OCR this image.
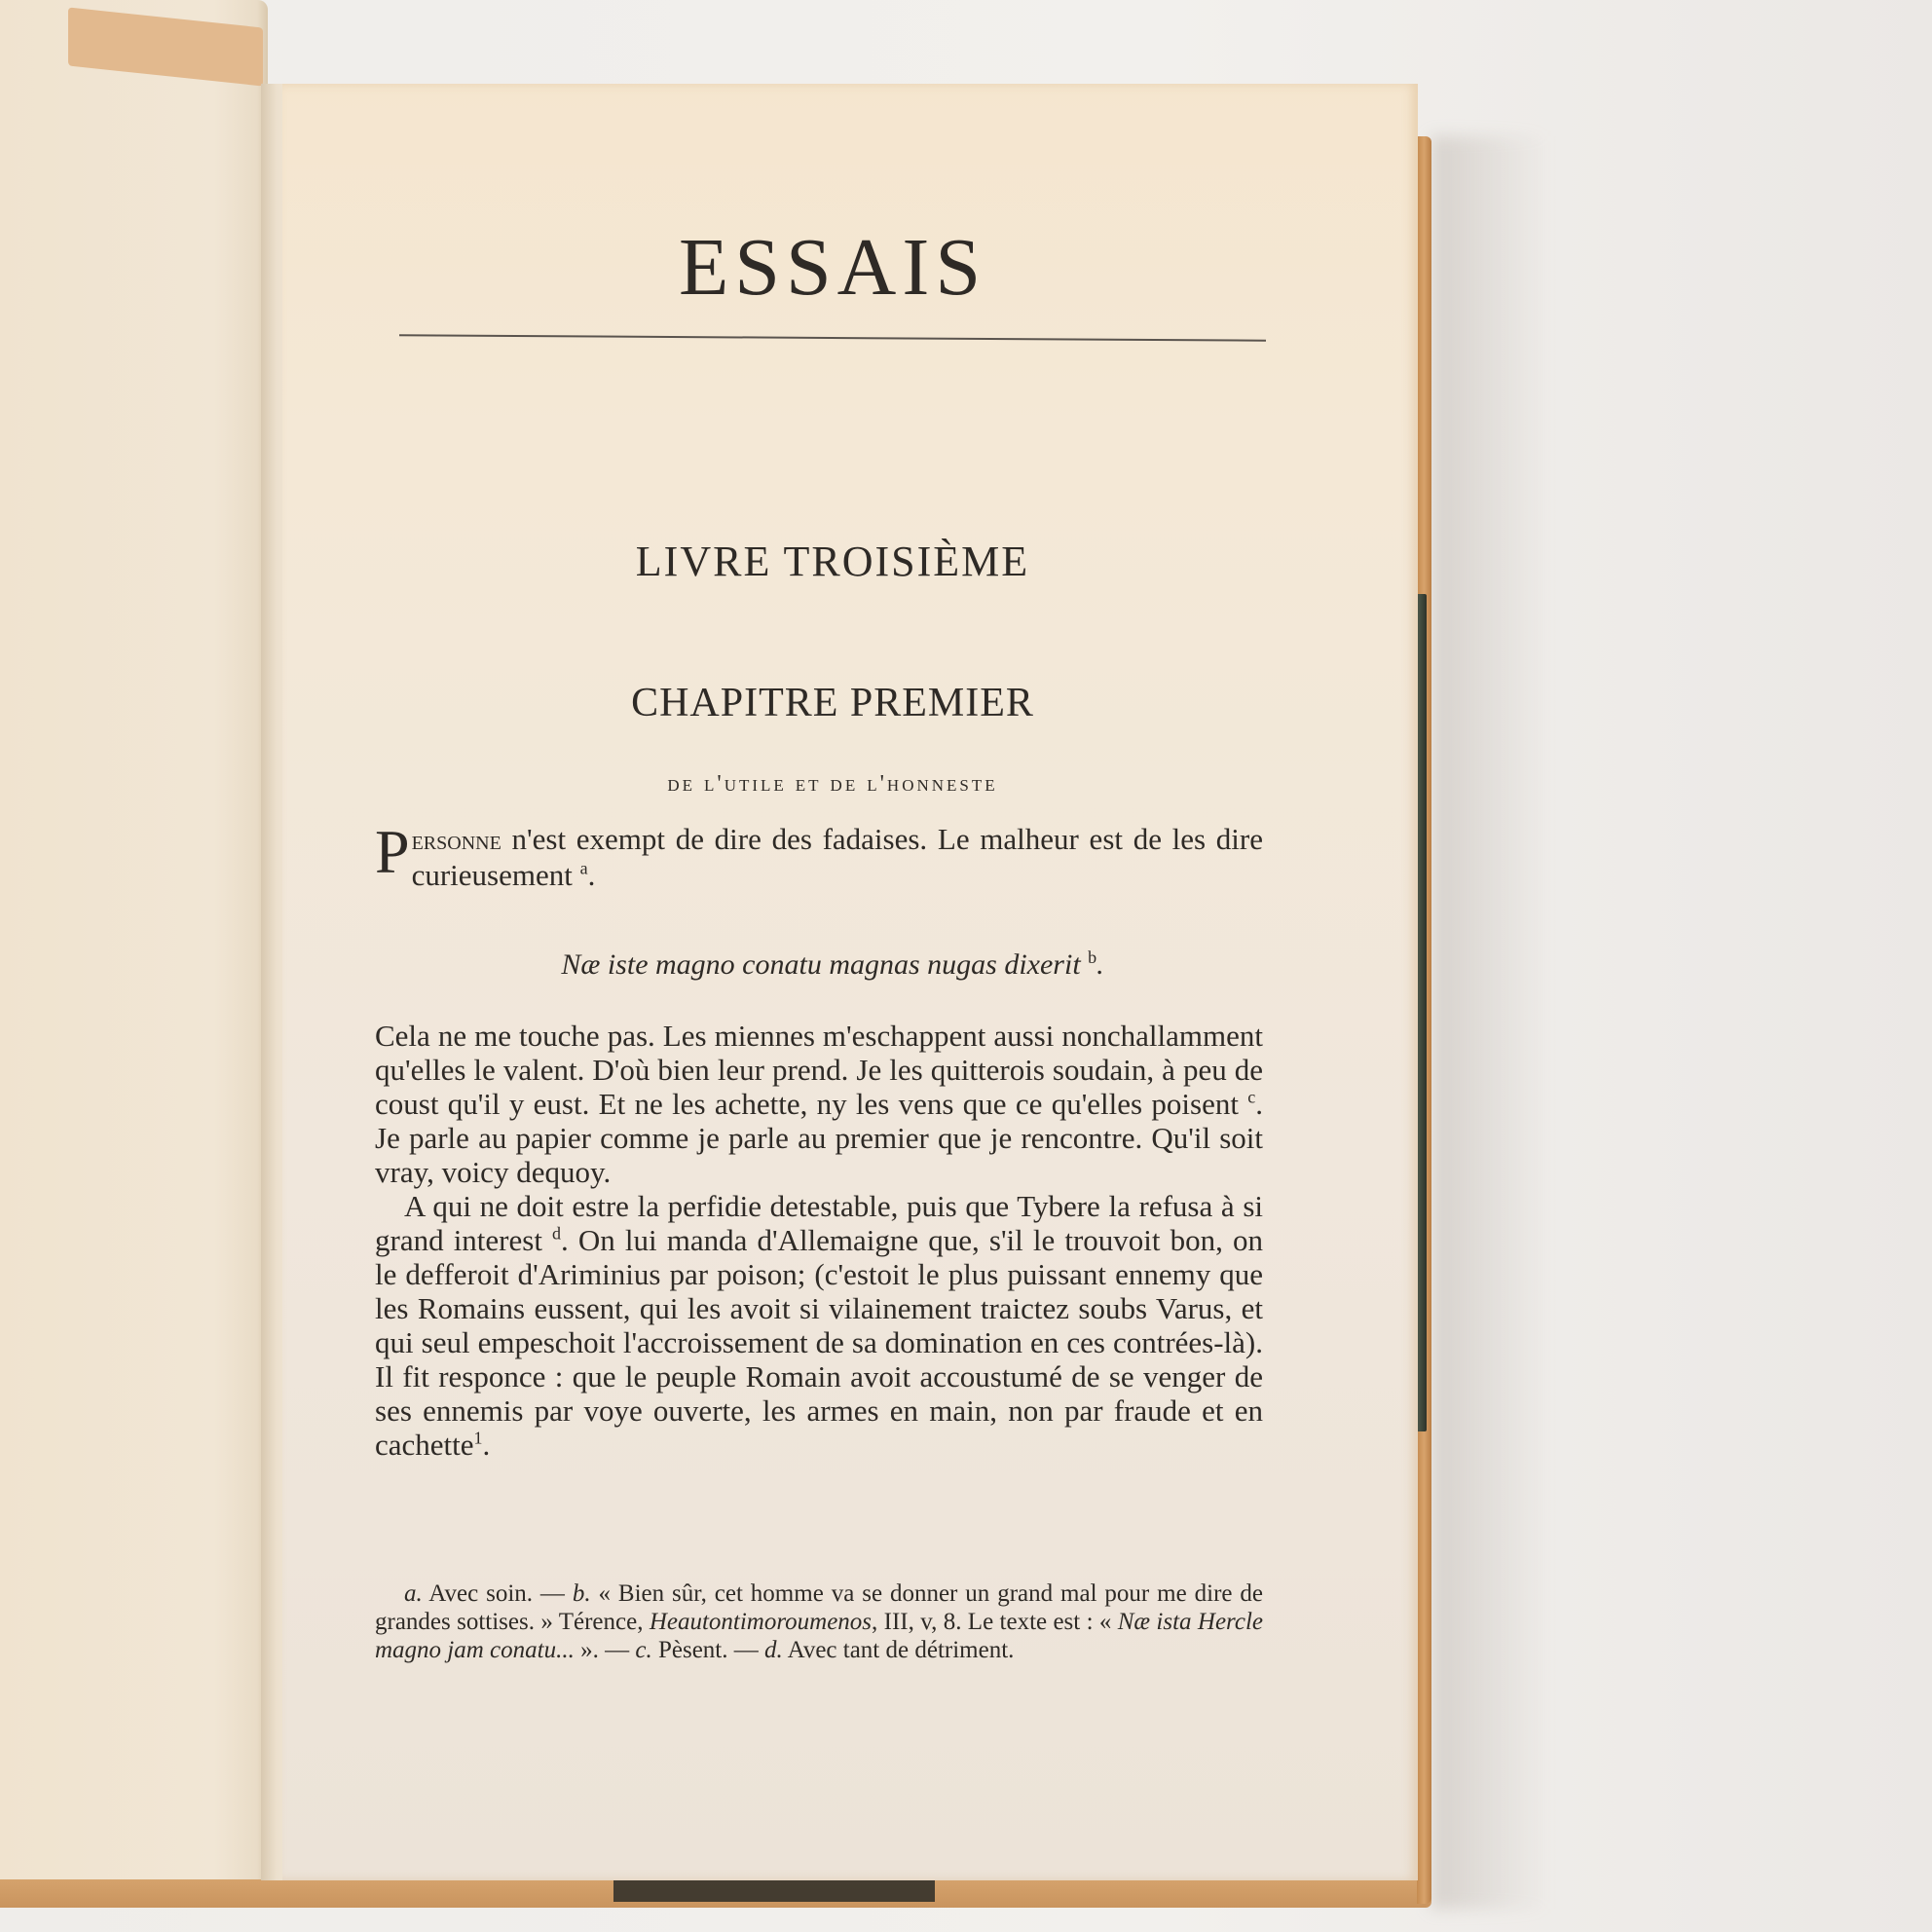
ESSAIS
LIVRE TROISIÈME
CHAPITRE PREMIER
de l'utile et de l'honneste
Personne n'est exempt de dire des fadaises. Le malheur est de les dire curieusement $^a$.
Næ iste magno conatu magnas nugas dixerit $^b$.
Cela ne me touche pas. Les miennes m'eschappent aussi nonchallamment qu'elles le valent. D'où bien leur prend. Je les quitterois soudain, à peu de coust qu'il y eust. Et ne les achette, ny les vens que ce qu'elles poisent $^c$. Je parle au papier comme je parle au premier que je rencontre. Qu'il soit vray, voicy dequoy.
A qui ne doit estre la perfidie detestable, puis que Tybere la refusa à si grand interest $^d$. On lui manda d'Allemaigne que, s'il le trouvoit bon, on le defferoit d'Ariminius par poison; (c'estoit le plus puissant ennemy que les Romains eussent, qui les avoit si vilainement traictez soubs Varus, et qui seul empeschoit l'accroissement de sa domination en ces contrées-là). Il fit responce : que le peuple Romain avoit accoustumé de se venger de ses ennemis par voye ouverte, les armes en main, non par fraude et en cachette$^1$.
a. Avec soin. — b. « Bien sûr, cet homme va se donner un grand mal pour me dire de grandes sottises. » Térence, Heautontimoroumenos, III, v, 8. Le texte est : « Næ ista Hercle magno jam conatu... ». — c. Pèsent. — d. Avec tant de détriment.
